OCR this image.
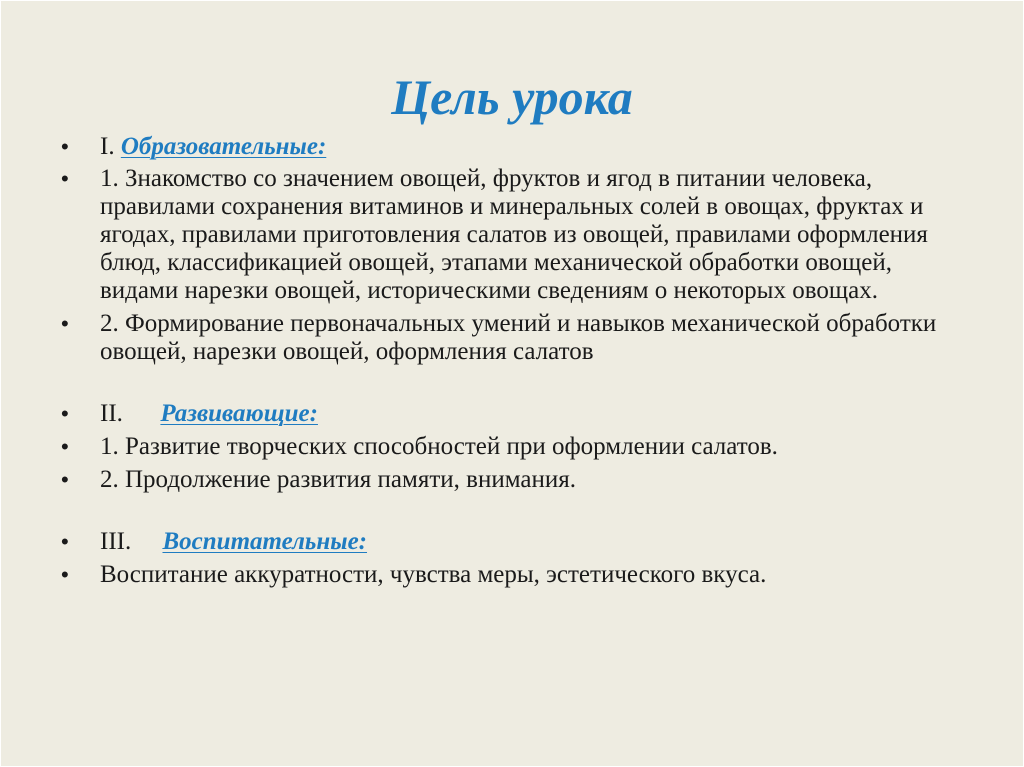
Цель урока

• I. Образовательные:

• 1. Знакомство со значением овощей, фруктов и ягод в питании человека, правилами сохранения витаминов и минеральных солей в овощах, фруктах и ягодах, правилами приготовления салатов из овощей, правилами оформления блюд, классификацией овощей, этапами механической обработки овощей, видами нарезки овощей, историческими сведениям о некоторых овощах.

• 2. Формирование первоначальных умений и навыков механической обработки овощей, нарезки овощей, оформления салатов

• II.      Развивающие:

• 1. Развитие творческих способностей при оформлении салатов.

• 2. Продолжение развития памяти, внимания.

• III.     Воспитательные:

• Воспитание аккуратности, чувства меры, эстетического вкуса.
